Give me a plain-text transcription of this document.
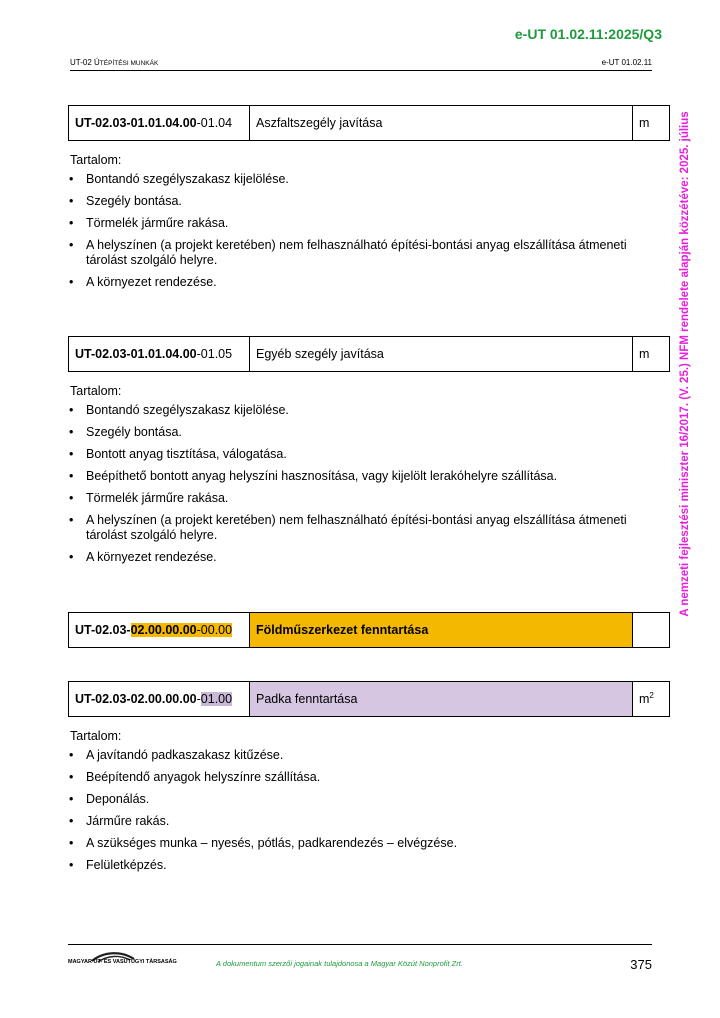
e-UT 01.02.11:2025/Q3
UT-02 ÚTÉPÍTÉSI MUNKÁK	e-UT 01.02.11
A nemzeti fejlesztési miniszter 16/2017. (V. 25.) NFM rendelete alapján közzétéve: 2025. július
UT-02.03-01.01.04.00-01.04	Aszfaltszegély javítása	m
Tartalom:
• Bontandó szegélyszakasz kijelölése.
• Szegély bontása.
• Törmelék járműre rakása.
• A helyszínen (a projekt keretében) nem felhasználható építési-bontási anyag elszállítása átmeneti tárolást szolgáló helyre.
• A környezet rendezése.
UT-02.03-01.01.04.00-01.05	Egyéb szegély javítása	m
Tartalom:
• Bontandó szegélyszakasz kijelölése.
• Szegély bontása.
• Bontott anyag tisztítása, válogatása.
• Beépíthető bontott anyag helyszíni hasznosítása, vagy kijelölt lerakóhelyre szállítása.
• Törmelék járműre rakása.
• A helyszínen (a projekt keretében) nem felhasználható építési-bontási anyag elszállítása átmeneti tárolást szolgáló helyre.
• A környezet rendezése.
UT-02.03-02.00.00.00-00.00	Földműszerkezet fenntartása	
UT-02.03-02.00.00.00-01.00	Padka fenntartása	$m^2$
Tartalom:
• A javítandó padkaszakasz kitűzése.
• Beépítendő anyagok helyszínre szállítása.
• Deponálás.
• Járműre rakás.
• A szükséges munka – nyesés, pótlás, padkarendezés – elvégzése.
• Felületképzés.
MAGYAR ÚT- ÉS VASÚTÜGYI TÁRSASÁG	A dokumentum szerzői jogainak tulajdonosa a Magyar Közút Nonprofit Zrt.	375
